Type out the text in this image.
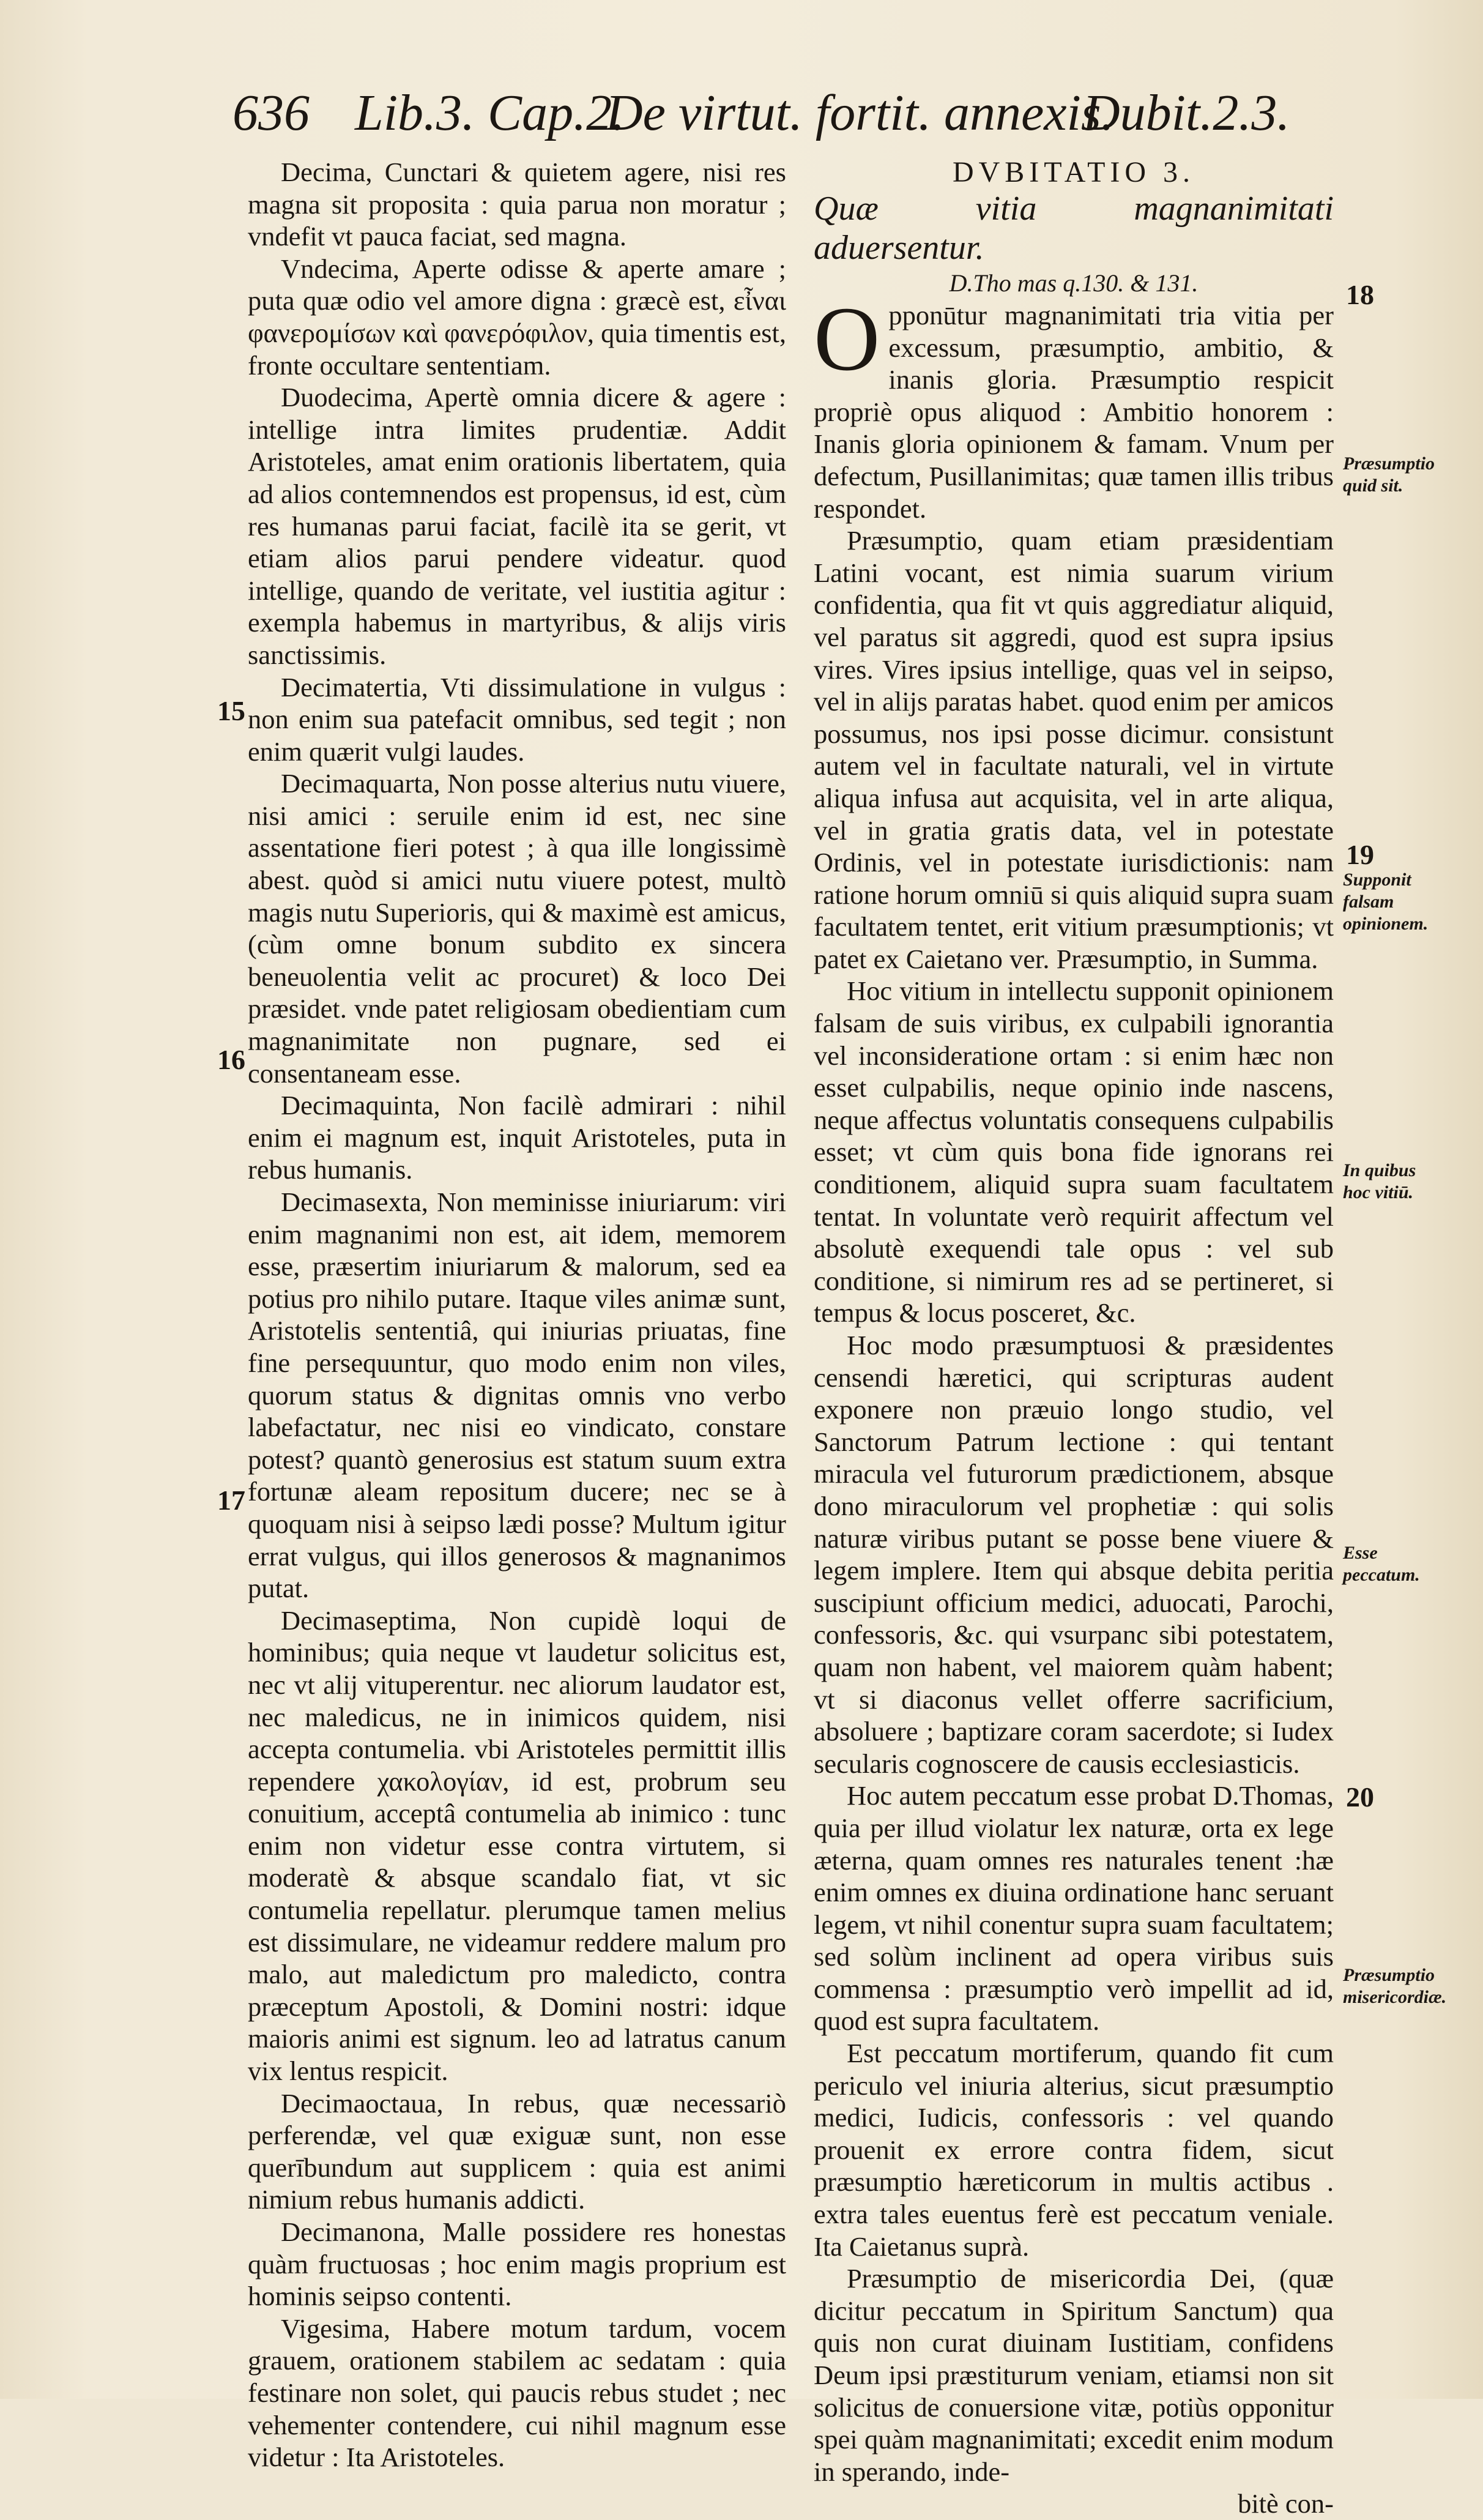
636 Lib.3. Cap.2.
De virtut. fortit. annexis.
Dubit.2.3.

Decima, Cunctari & quietem agere, nisi res magna sit proposita : quia parua non moratur ; vndefit vt pauca faciat, sed magna.

Vndecima, Aperte odisse & aperte amare ; puta quæ odio vel amore digna : græcè est, εἶναι φανερομίσων καὶ φανερόφιλον, quia timentis est, fronte occultare sententiam.

Duodecima, Apertè omnia dicere & agere : intellige intra limites prudentiæ. Addit Aristoteles, amat enim orationis libertatem, quia ad alios contemnendos est propensus, id est, cùm res humanas parui faciat, facilè ita se gerit, vt etiam alios parui pendere videatur. quod intellige, quando de veritate, vel iustitia agitur : exempla habemus in martyribus, & alijs viris sanctissimis.

Decimatertia, Vti dissimulatione in vulgus : non enim sua patefacit omnibus, sed tegit ; non enim quærit vulgi laudes.

Decimaquarta, Non posse alterius nutu viuere, nisi amici : seruile enim id est, nec sine assentatione fieri potest ; à qua ille longissimè abest. quòd si amici nutu viuere potest, multò magis nutu Superioris, qui & maximè est amicus, (cùm omne bonum subdito ex sincera beneuolentia velit ac procuret) & loco Dei præsidet. vnde patet religiosam obedientiam cum magnanimitate non pugnare, sed ei consentaneam esse.

Decimaquinta, Non facilè admirari : nihil enim ei magnum est, inquit Aristoteles, puta in rebus humanis.

Decimasexta, Non meminisse iniuriarum: viri enim magnanimi non est, ait idem, memorem esse, præsertim iniuriarum & malorum, sed ea potius pro nihilo putare. Itaque viles animæ sunt, Aristotelis sententiâ, qui iniurias priuatas, fine fine persequuntur, quo modo enim non viles, quorum status & dignitas omnis vno verbo labefactatur, nec nisi eo vindicato, constare potest? quantò generosius est statum suum extra fortunæ aleam repositum ducere; nec se à quoquam nisi à seipso lædi posse? Multum igitur errat vulgus, qui illos generosos & magnanimos putat.

Decimaseptima, Non cupidè loqui de hominibus; quia neque vt laudetur solicitus est, nec vt alij vituperentur. nec aliorum laudator est, nec maledicus, ne in inimicos quidem, nisi accepta contumelia. vbi Aristoteles permittit illis rependere χακολογίαν, id est, probrum seu conuitium, acceptâ contumelia ab inimico : tunc enim non videtur esse contra virtutem, si moderatè & absque scandalo fiat, vt sic contumelia repellatur. plerumque tamen melius est dissimulare, ne videamur reddere malum pro malo, aut maledictum pro maledicto, contra præceptum Apostoli, & Domini nostri: idque maioris animi est signum. leo ad latratus canum vix lentus respicit.

Decimaoctaua, In rebus, quæ necessariò perferendæ, vel quæ exiguæ sunt, non esse querībundum aut supplicem : quia est animi nimium rebus humanis addicti.

Decimanona, Malle possidere res honestas quàm fructuosas ; hoc enim magis proprium est hominis seipso contenti.

Vigesima, Habere motum tardum, vocem grauem, orationem stabilem ac sedatam : quia festinare non solet, qui paucis rebus studet ; nec vehementer contendere, cui nihil magnum esse videtur : Ita Aristoteles.

DVBITATIO 3.

Quæ vitia magnanimitati aduersentur.

D.Tho mas q.130. & 131.

Opponūtur magnanimitati tria vitia per excessum, præsumptio, ambitio, & inanis gloria. Præsumptio respicit propriè opus aliquod : Ambitio honorem : Inanis gloria opinionem & famam. Vnum per defectum, Pusillanimitas; quæ tamen illis tribus respondet.

Præsumptio, quam etiam præsidentiam Latini vocant, est nimia suarum virium confidentia, qua fit vt quis aggrediatur aliquid, vel paratus sit aggredi, quod est supra ipsius vires. Vires ipsius intellige, quas vel in seipso, vel in alijs paratas habet. quod enim per amicos possumus, nos ipsi posse dicimur. consistunt autem vel in facultate naturali, vel in virtute aliqua infusa aut acquisita, vel in arte aliqua, vel in gratia gratis data, vel in potestate Ordinis, vel in potestate iurisdictionis: nam ratione horum omniū si quis aliquid supra suam facultatem tentet, erit vitium præsumptionis; vt patet ex Caietano ver. Præsumptio, in Summa.

Hoc vitium in intellectu supponit opinionem falsam de suis viribus, ex culpabili ignorantia vel inconsideratione ortam : si enim hæc non esset culpabilis, neque opinio inde nascens, neque affectus voluntatis consequens culpabilis esset; vt cùm quis bona fide ignorans rei conditionem, aliquid supra suam facultatem tentat. In voluntate verò requirit affectum vel absolutè exequendi tale opus : vel sub conditione, si nimirum res ad se pertineret, si tempus & locus posceret, &c.

Hoc modo præsumptuosi & præsidentes censendi hæretici, qui scripturas audent exponere non præuio longo studio, vel Sanctorum Patrum lectione : qui tentant miracula vel futurorum prædictionem, absque dono miraculorum vel prophetiæ : qui solis naturæ viribus putant se posse bene viuere & legem implere. Item qui absque debita peritia suscipiunt officium medici, aduocati, Parochi, confessoris, &c. qui vsurpanc sibi potestatem, quam non habent, vel maiorem quàm habent; vt si diaconus vellet offerre sacrificium, absoluere ; baptizare coram sacerdote; si Iudex secularis cognoscere de causis ecclesiasticis.

Hoc autem peccatum esse probat D.Thomas, quia per illud violatur lex naturæ, orta ex lege æterna, quam omnes res naturales tenent :hæ enim omnes ex diuina ordinatione hanc seruant legem, vt nihil conentur supra suam facultatem; sed solùm inclinent ad opera viribus suis commensa : præsumptio verò impellit ad id, quod est supra facultatem.

Est peccatum mortiferum, quando fit cum periculo vel iniuria alterius, sicut præsumptio medici, Iudicis, confessoris : vel quando prouenit ex errore contra fidem, sicut præsumptio hæreticorum in multis actibus . extra tales euentus ferè est peccatum veniale. Ita Caietanus suprà.

Præsumptio de misericordia Dei, (quæ dicitur peccatum in Spiritum Sanctum) qua quis non curat diuinam Iustitiam, confidens Deum ipsi præstiturum veniam, etiamsi non sit solicitus de conuersione vitæ, potiùs opponitur spei quàm magnanimitati; excedit enim modum in sperando, inde-

bitè con-

15
16
17
18
19
20
Præsumptio quid sit.
Supponit falsam opinionem.
In quibus hoc vitiū.
Esse peccatum.
Præsumptio misericordiæ.
